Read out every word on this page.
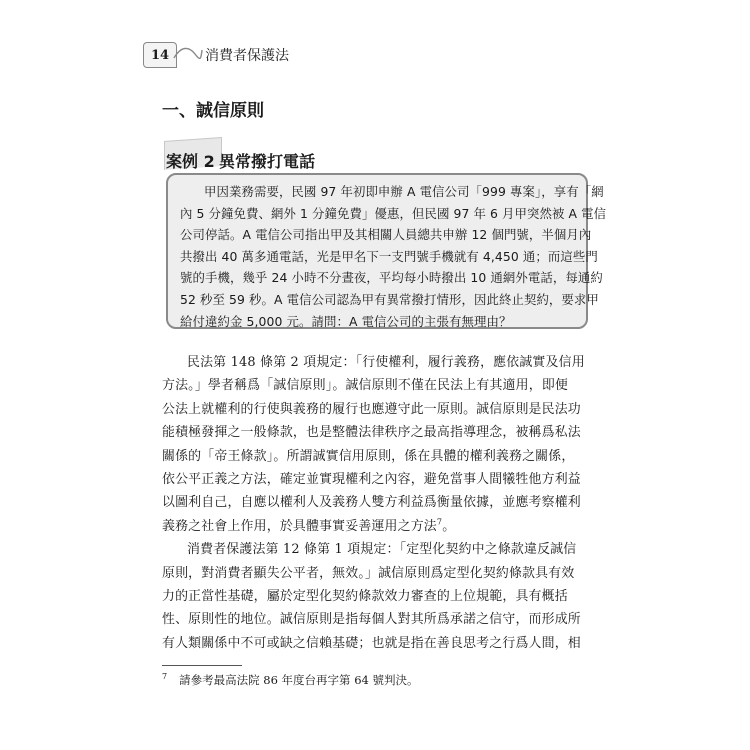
14	消費者保護法
一、誠信原則
案例 2 異常撥打電話
甲因業務需要，民國 97 年初即申辦 A 電信公司「999 專案」，享有「網
內 5 分鐘免費、網外 1 分鐘免費」優惠，但民國 97 年 6 月甲突然被 A 電信
公司停話。A 電信公司指出甲及其相關人員總共申辦 12 個門號，半個月內
共撥出 40 萬多通電話，光是甲名下一支門號手機就有 4,450 通；而這些門
號的手機，幾乎 24 小時不分晝夜，平均每小時撥出 10 通網外電話，每通約
52 秒至 59 秒。A 電信公司認為甲有異常撥打情形，因此終止契約，要求甲
給付違約金 5,000 元。請問：A 電信公司的主張有無理由？
民法第 148 條第 2 項規定：「行使權利，履行義務，應依誠實及信用
方法。」學者稱爲「誠信原則」。誠信原則不僅在民法上有其適用，即便
公法上就權利的行使與義務的履行也應遵守此一原則。誠信原則是民法功
能積極發揮之一般條款，也是整體法律秩序之最高指導理念，被稱爲私法
關係的「帝王條款」。所謂誠實信用原則，係在具體的權利義務之關係，
依公平正義之方法，確定並實現權利之內容，避免當事人間犧牲他方利益
以圖利自己，自應以權利人及義務人雙方利益爲衡量依據，並應考察權利
義務之社會上作用，於具體事實妥善運用之方法$^7$。
消費者保護法第 12 條第 1 項規定：「定型化契約中之條款違反誠信
原則，對消費者顯失公平者，無效。」誠信原則爲定型化契約條款具有效
力的正當性基礎，屬於定型化契約條款效力審查的上位規範，具有概括
性、原則性的地位。誠信原則是指每個人對其所爲承諾之信守，而形成所
有人類關係中不可或缺之信賴基礎；也就是指在善良思考之行爲人間，相
$^7$ 請參考最高法院 86 年度台再字第 64 號判決。
